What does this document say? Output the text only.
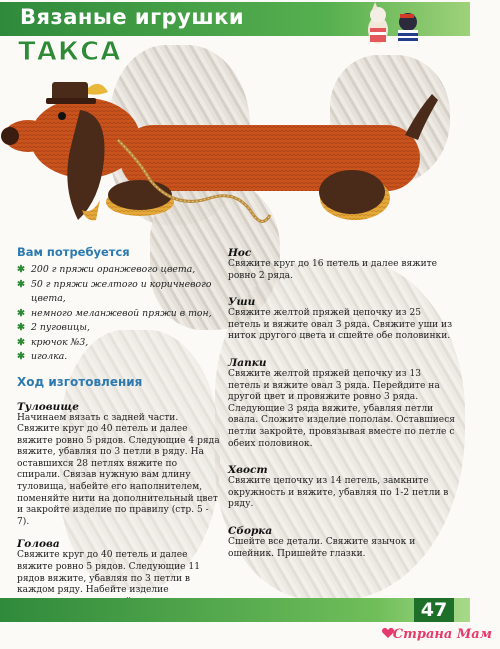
Вязаные игрушки
ТАКСА
Вам потребуется
✱ 200 г пряжи оранжевого цвета,
✱ 50 г пряжи желтого и коричневого цвета,
✱ немного меланжевой пряжи в тон,
✱ 2 пуговицы,
✱ крючок №3,
✱ иголка.
Ход изготовления
Туловище
Начинаем вязать с задней части. Свяжите круг до 40 петель и далее вяжите ровно 5 рядов. Следующие 4 ряда вяжите, убавляя по 3 петли в ряду. На оставшихся 28 петлях вяжите по спирали. Связав нужную вам длину туловища, набейте его наполнителем, поменяйте нити на дополнительный цвет и закройте изделие по правилу (стр. 5 - 7).
Голова
Свяжите круг до 40 петель и далее вяжите ровно 5 рядов. Следующие 11 рядов вяжите, убавляя по 3 петли в каждом ряду. Набейте изделие
Нос
Свяжите круг до 16 петель и далее вяжите ровно 2 ряда.
Уши
Свяжите желтой пряжей цепочку из 25 петель и вяжите овал 3 ряда. Свяжите уши из ниток другого цвета и сшейте обе половинки.
Лапки
Свяжите желтой пряжей цепочку из 13 петель и вяжите овал 3 ряда. Перейдите на другой цвет и провяжите ровно 3 ряда. Следующие 3 ряда вяжите, убавляя петли овала. Сложите изделие пополам. Оставшиеся петли закройте, провязывая вместе по петле с обеих половинок.
Хвост
Свяжите цепочку из 14 петель, замкните окружность и вяжите, убавляя по 1-2 петли в ряду.
Сборка
Сшейте все детали. Свяжите язычок и ошейник. Пришейте глазки.
47
Страна Мам
